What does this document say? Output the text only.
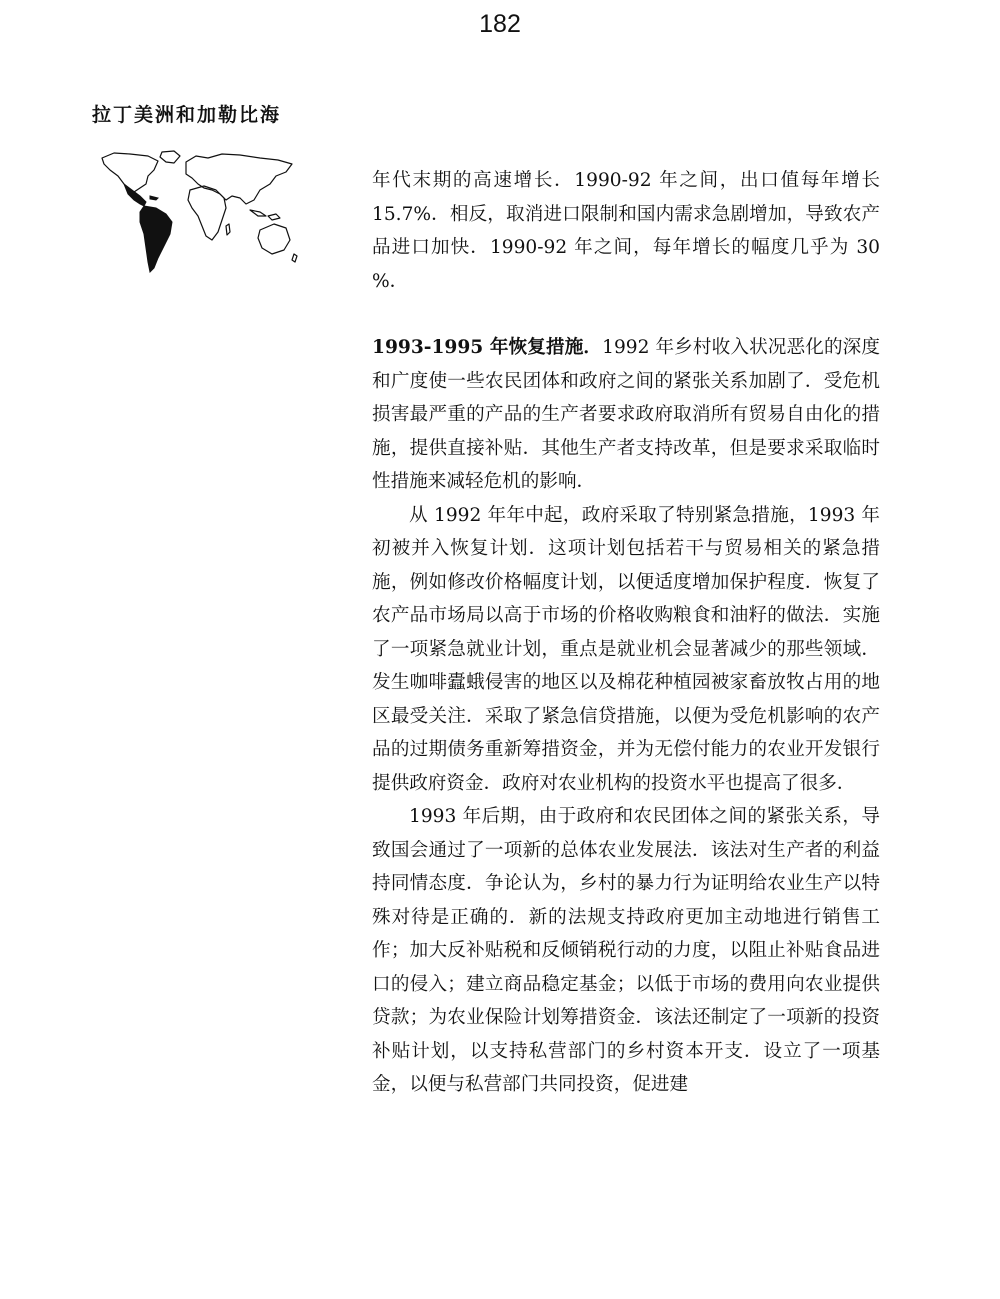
182
拉丁美洲和加勒比海

年代末期的高速增长．1990-92 年之间，出口值每年增长 15.7%．相反，取消进口限制和国内需求急剧增加，导致农产品进口加快．1990-92 年之间，每年增长的幅度几乎为 30 %．

1993-1995 年恢复措施．1992 年乡村收入状况恶化的深度和广度使一些农民团体和政府之间的紧张关系加剧了．受危机损害最严重的产品的生产者要求政府取消所有贸易自由化的措施，提供直接补贴．其他生产者支持改革，但是要求采取临时性措施来减轻危机的影响．

从 1992 年年中起，政府采取了特别紧急措施，1993 年初被并入恢复计划．这项计划包括若干与贸易相关的紧急措施，例如修改价格幅度计划，以便适度增加保护程度．恢复了农产品市场局以高于市场的价格收购粮食和油籽的做法．实施了一项紧急就业计划，重点是就业机会显著减少的那些领域．发生咖啡蠹蛾侵害的地区以及棉花种植园被家畜放牧占用的地区最受关注．采取了紧急信贷措施，以便为受危机影响的农产品的过期债务重新筹措资金，并为无偿付能力的农业开发银行提供政府资金．政府对农业机构的投资水平也提高了很多．

1993 年后期，由于政府和农民团体之间的紧张关系，导致国会通过了一项新的总体农业发展法．该法对生产者的利益持同情态度．争论认为，乡村的暴力行为证明给农业生产以特殊对待是正确的．新的法规支持政府更加主动地进行销售工作；加大反补贴税和反倾销税行动的力度，以阻止补贴食品进口的侵入；建立商品稳定基金；以低于市场的费用向农业提供贷款；为农业保险计划筹措资金．该法还制定了一项新的投资补贴计划，以支持私营部门的乡村资本开支．设立了一项基金，以便与私营部门共同投资，促进建
